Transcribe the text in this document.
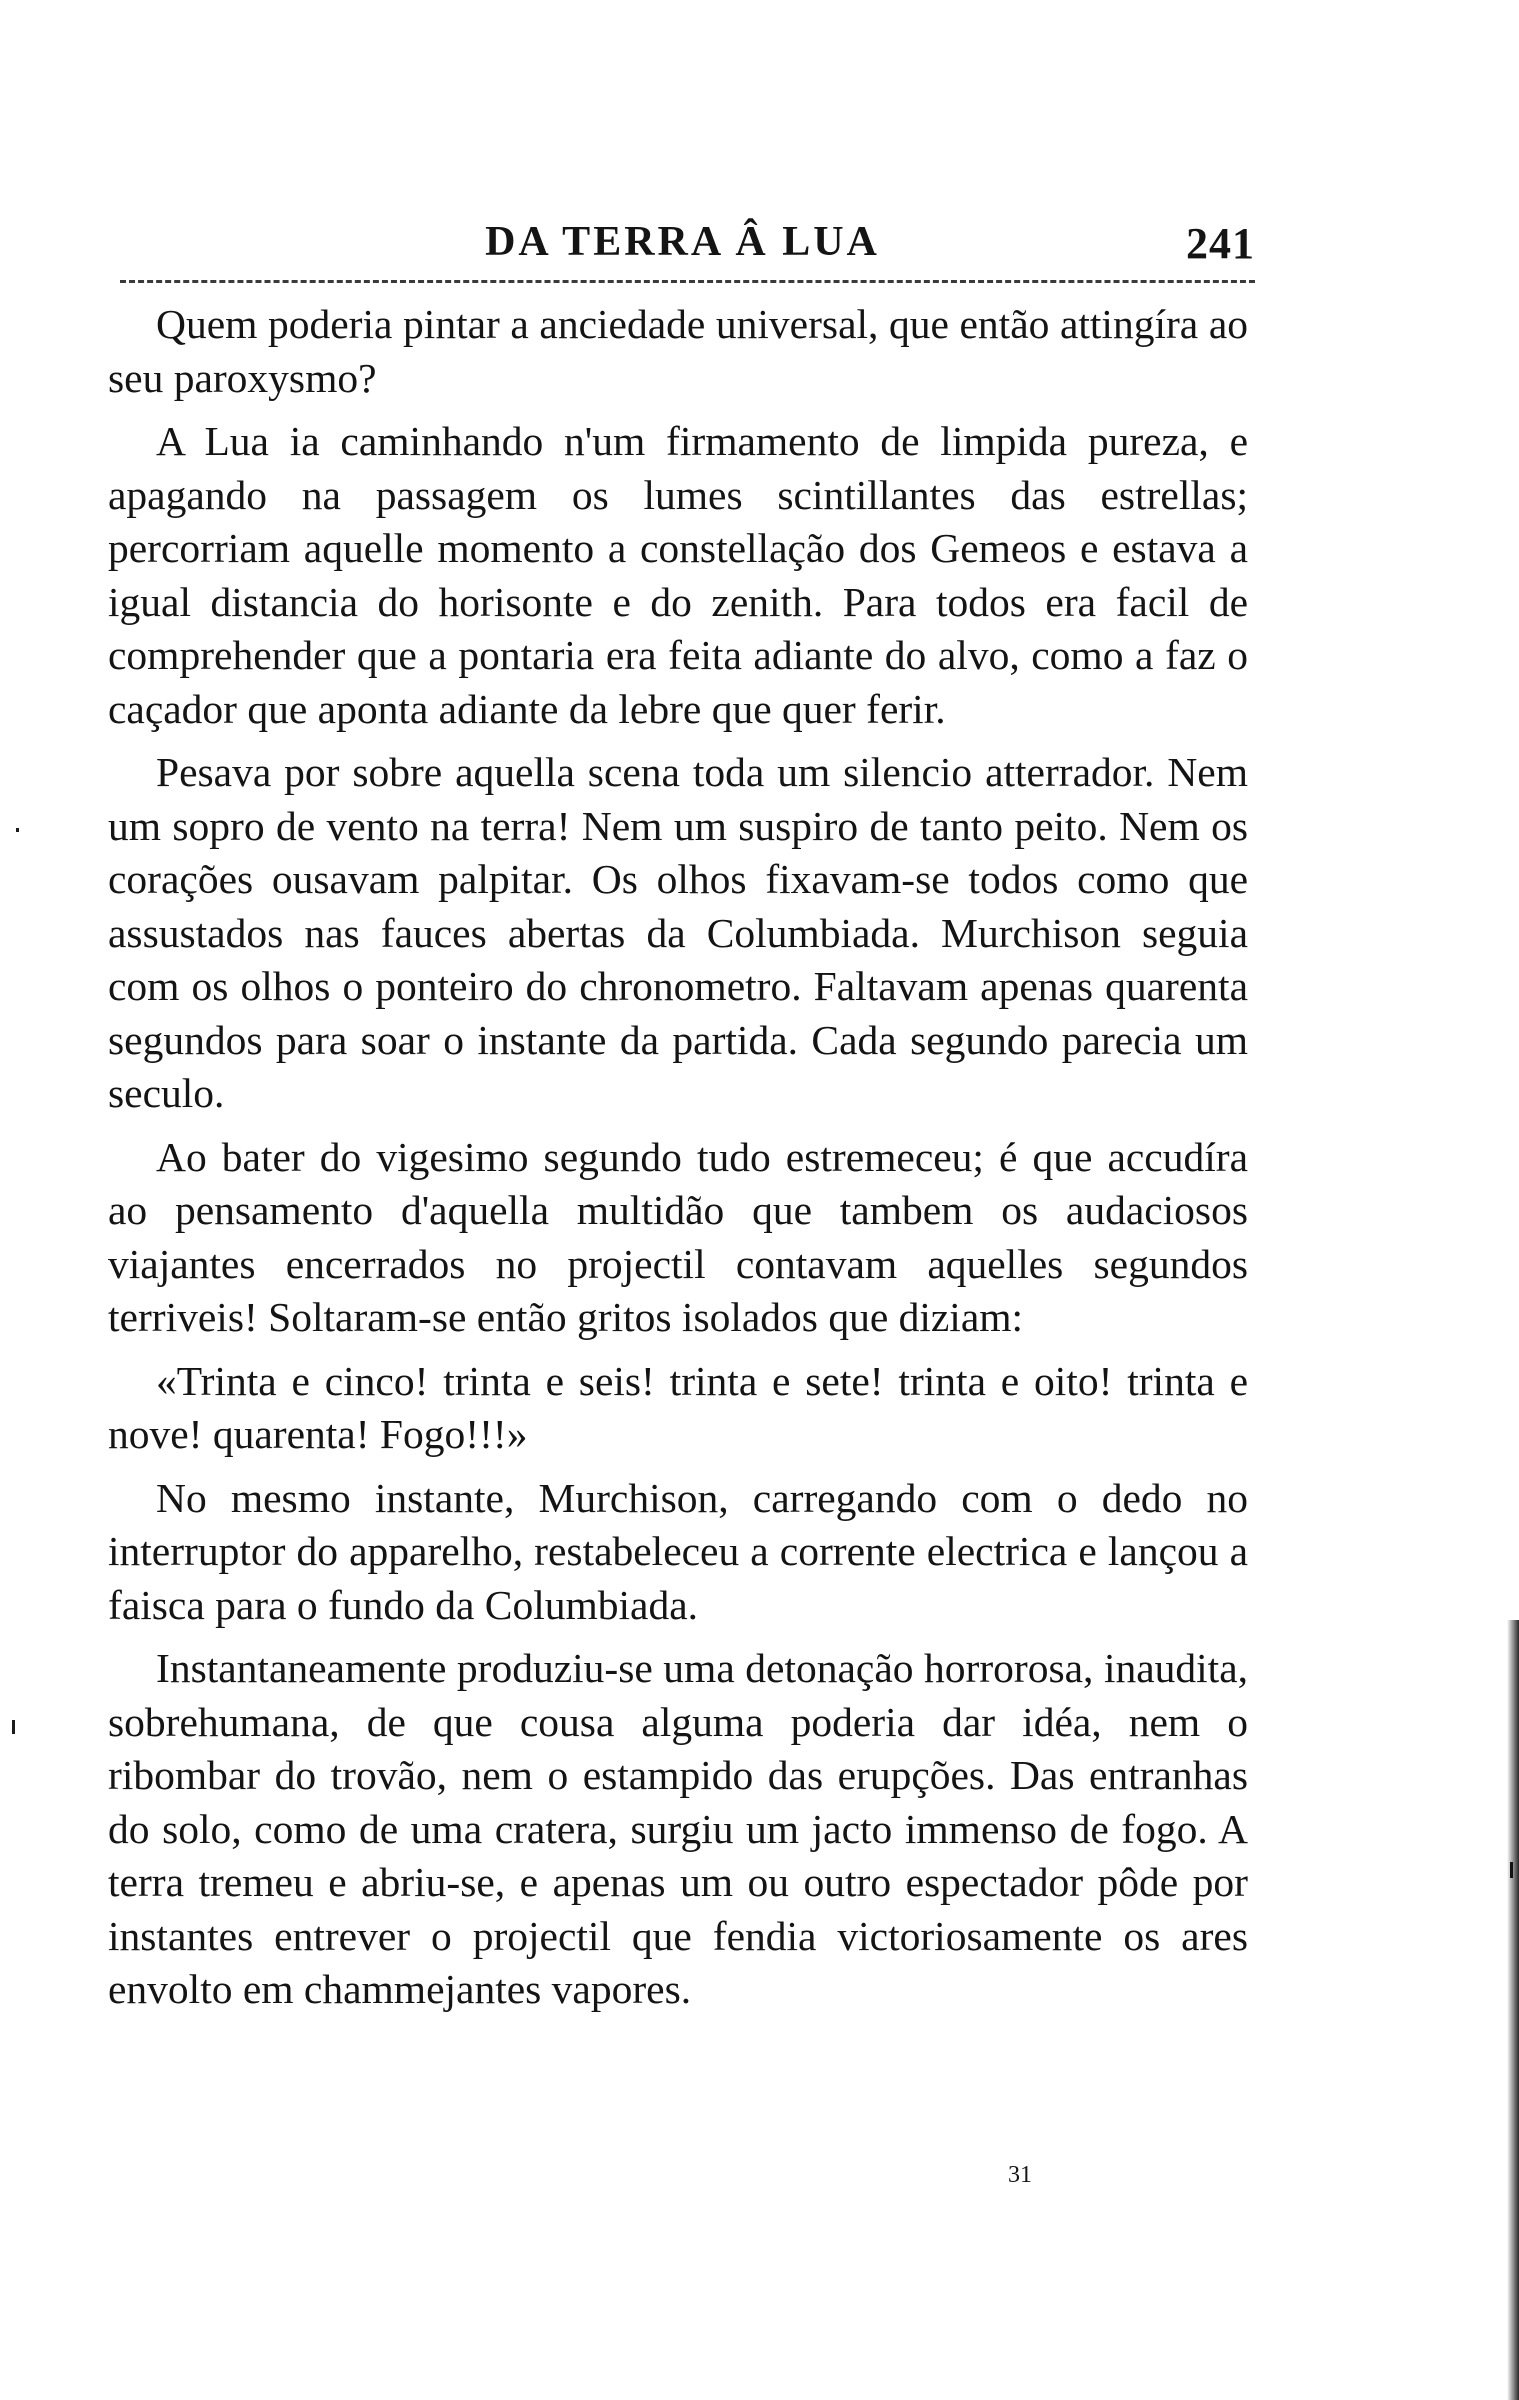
DA TERRA Â LUA	241

Quem poderia pintar a anciedade universal, que então attingíra ao seu paroxysmo?

A Lua ia caminhando n'um firmamento de limpida pureza, e apagando na passagem os lumes scintillantes das estrellas; percorriam aquelle momento a constellação dos Gemeos e estava a igual distancia do horisonte e do zenith. Para todos era facil de comprehender que a pontaria era feita adiante do alvo, como a faz o caçador que aponta adiante da lebre que quer ferir.

Pesava por sobre aquella scena toda um silencio atterrador. Nem um sopro de vento na terra! Nem um suspiro de tanto peito. Nem os corações ousavam palpitar. Os olhos fixavam-se todos como que assustados nas fauces abertas da Columbiada. Murchison seguia com os olhos o ponteiro do chronometro. Faltavam apenas quarenta segundos para soar o instante da partida. Cada segundo parecia um seculo.

Ao bater do vigesimo segundo tudo estremeceu; é que accudíra ao pensamento d'aquella multidão que tambem os audaciosos viajantes encerrados no projectil contavam aquelles segundos terriveis! Soltaram-se então gritos isolados que diziam:

«Trinta e cinco! trinta e seis! trinta e sete! trinta e oito! trinta e nove! quarenta! Fogo!!!»

No mesmo instante, Murchison, carregando com o dedo no interruptor do apparelho, restabeleceu a corrente electrica e lançou a faisca para o fundo da Columbiada.

Instantaneamente produziu-se uma detonação horrorosa, inaudita, sobrehumana, de que cousa alguma poderia dar idéa, nem o ribombar do trovão, nem o estampido das erupções. Das entranhas do solo, como de uma cratera, surgiu um jacto immenso de fogo. A terra tremeu e abriu-se, e apenas um ou outro espectador pôde por instantes entrever o projectil que fendia victoriosamente os ares envolto em chammejantes vapores.

31
